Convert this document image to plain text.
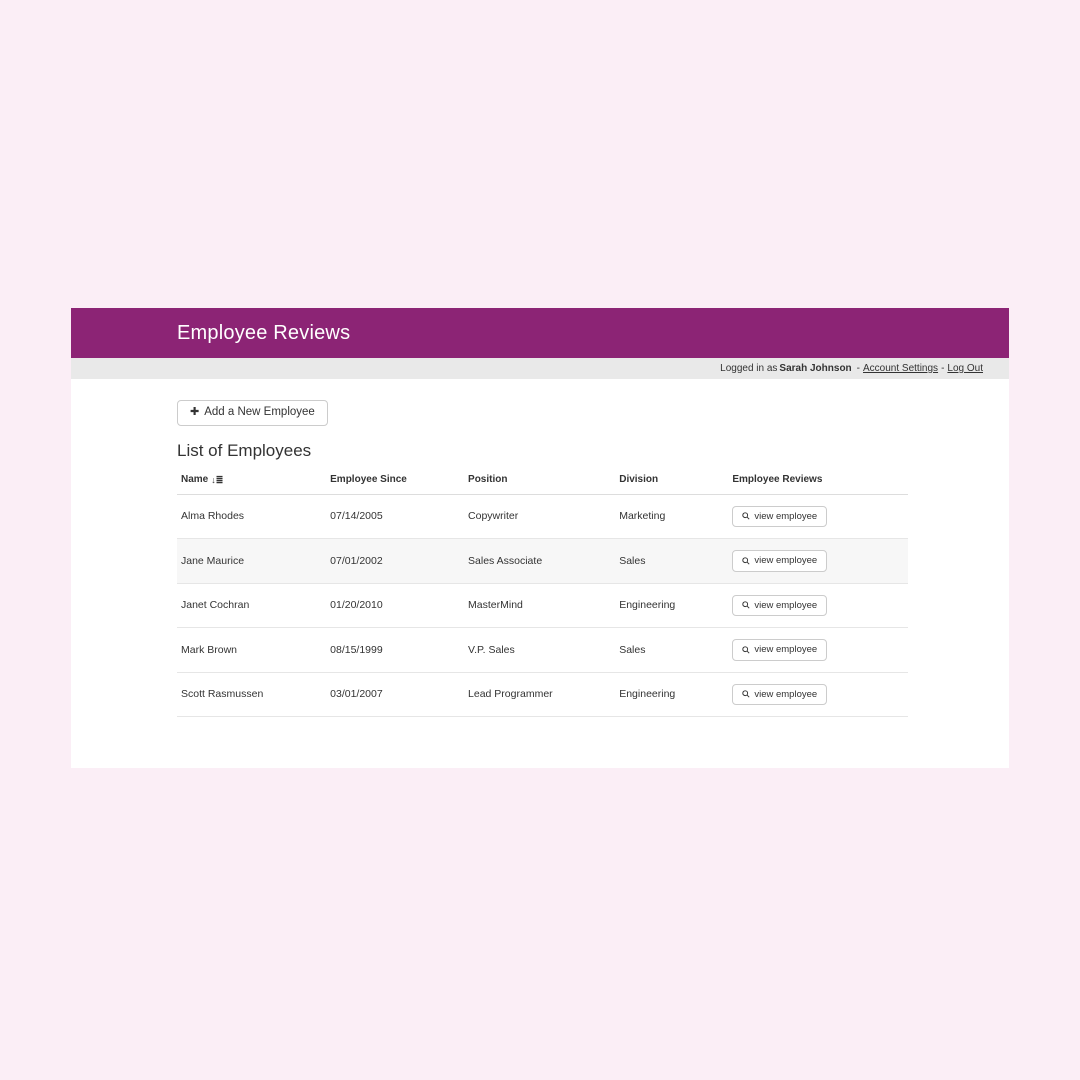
Employee Reviews
Logged in as Sarah Johnson - Account Settings - Log Out
✚ Add a New Employee
List of Employees
Name ↓≣	Employee Since	Position	Division	Employee Reviews
Alma Rhodes	07/14/2005	Copywriter	Marketing	view employee

Jane Maurice	07/01/2002	Sales Associate	Sales	view employee

Janet Cochran	01/20/2010	MasterMind	Engineering	view employee

Mark Brown	08/15/1999	V.P. Sales	Sales	view employee

Scott Rasmussen	03/01/2007	Lead Programmer	Engineering	view employee
